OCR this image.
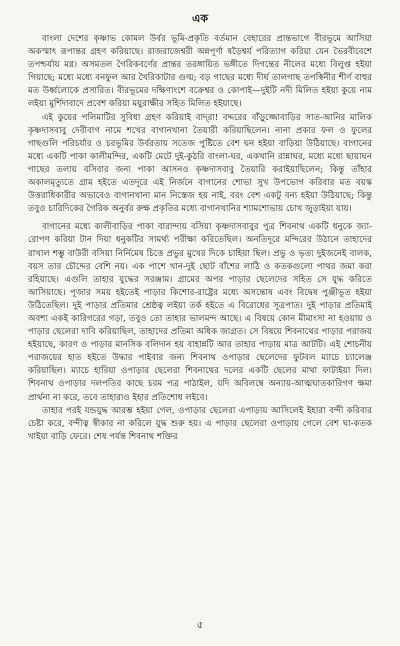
এক

বাংলা দেশের কৃষ্ণাভ কোমল উর্বর ভূমি-প্রকৃতি বর্তমান বেহারের প্রান্তভাগে বীরভূমে আসিয়া অকস্মাৎ রূপান্তর গ্রহণ করিয়াছে। রাজরাজেশ্বরী অন্নপূর্ণা ষড়ৈশ্বর্য পরিত্যাগ করিয়া যেন ভৈরবীবেশে তপশ্চর্যায় মগ্ন। অসমতল গৈরিকবর্ণের প্রান্তর তরঙ্গায়িত ভঙ্গীতে দিগন্তের নীলের মধ্যে বিলুপ্ত হইয়া গিয়াছে; মধ্যে মধ্যে বনফুল আর খৈরিকাটার গুল্ম; বড় গাছের মধ্যে দীর্ঘ তালগাছ তপস্বিনীর শীর্ণ বাহুর মত উর্ধ্বলোকে প্রসারিত। বীরভূমের দক্ষিণাংশে বক্রেশ্বর ও কোপাই—দুইটি নদী মিলিত হইয়া কুয়ে নাম লইয়া মুর্শিদাবাদে প্রবেশ করিয়া ময়ুরাক্ষীর সহিত মিলিত হইয়াছে।

এই কুয়ের পলিমাটির সুবিধা গ্রহণ করিয়াই বাদ্‌রা! বদ্দরের বাঁড়ুজ্জোবাড়ির সাত-আনির মালিক কৃষ্ণদাসবাবু দেবীবাগ নামে শখের বাগানখানা তৈয়ারী করিয়াছিলেন। নানা প্রকার ফল ও ফুলের গাছগুলি পরিচর্যার ও চরভূমির উর্বরতায় সতেজ পুষ্টিতে বেশ ঘন হইয়া বাড়িয়া উঠিয়াছে। বাগানের মধ্যে একটি পাকা কালীমন্দির, একটি মেটে দুই-কুঠরি বাংলা-ঘর, একখানি রান্নাঘর, মধ্যে মধ্যে ছায়াঘন গাছের তলায় বসিবার জন্য পাকা আসনও কৃষ্ণদাসবাবু তৈয়ারি করাইয়াছিলেন; কিন্তু তাঁহার অকালমৃত্যুতে গ্রাম হইতে এতদূরে এই নির্জনে বাগানের শোভা সুখ উপভোগ করিবার মত বয়স্ক উত্তরাধিকারীর অভাবেও বাগানখানা মান নিস্তেজ হয় নাই, বরং বেশ একটু বন্য হইয়া উঠিয়াছে; কিন্তু তবুও চারিদিকের গৈরিক অনুর্বর রুক্ষ প্রকৃতির মধ্যে বাগানখানির শ্যামশোভায় চোখ জুড়াইয়া যায়।

বাগানের মধ্যে কালীবাড়ির পাকা বারান্দায় বসিয়া কৃষ্ণদাসবাবুর পুত্র শিবনাথ একটি ধনুকে জ্যা-রোপণ করিয়া টান দিয়া ধনুকটির সামর্থ্য পরীক্ষা করিতেছিল। অনতিদূরে মন্দিরের উঠানে তাহাদের রাখাল শম্ভু বাউরী বসিয়া নির্নিমেষ চিত্তে প্রভুর মুখের দিকে চাহিয়া ছিল। প্রভু ও ভৃত্য দুইজনেই বালক, বয়স তার চৌদ্দের বেশি নয়। এক পাশে খান-দুই ছোট বাঁশের লাঠি ও কতকগুলো পাথর জমা করা রহিয়াছে। এগুলি তাহার যুদ্ধের সরঞ্জাম। গ্রামের অপর পাড়ার ছেলেদের সহিত সে যুদ্ধ করিতে আসিয়াছে। পূজার সময় হইতেই পাড়ার কিশোর-রাষ্ট্রের মধ্যে অসন্তোষ এবং বিদ্বেষ পুঞ্জীভূত হইয়া উঠিতেছিল। দুই পাড়ার প্রতিমার শ্রেষ্ঠত্ব লইয়া তর্ক হইতে এ বিরোধের সূত্রপাত। দুই পাড়ার প্রতিমাই অবশ্য একই কারিগরের গড়া, তবুও তো তাহার ভালমন্দ আছে। এ বিষয়ে কোন মীমাংসা না হওয়ায় ও পাড়ার ছেলেরা দাবি করিয়াছিল, তাহাদের প্রতিমা অধিক জাগ্রত। সে বিষয়ে শিবনাথের পাড়ার পরাজয় হইয়াছে, কারণ ও পাড়ার মানসিক বলিদান হয় বাহান্নটি আর তাহার পাড়ায় মাত্র আটটি। এই শোচনীয় পরাজয়ের হাত হইতে উদ্ধার পাইবার জন্য শিবনাথ ওপাড়ার ছেলেদের ফুটবল ম্যাচে চ্যালেঞ্জ করিয়াছিল। ম্যাচে হারিয়া ওপাড়ার ছেলেরা শিবনাথের দলের একটি ছেলের মাথা ফাটাইয়া দিল। শিবনাথ ওপাড়ার দলপতির কাছে চরম পত্র পাঠাইল, যদি অবিলম্বে অন্যায়-আত্মঘাতকারিগণ ক্ষমা প্রার্থনা না করে, তবে তাহারাও ইহার প্রতিশোধ লইবে।

তাহার পরই যন্ডযুদ্ধ আরম্ভ হইয়া গেল, ওপাড়ার ছেলেরা এপাড়ায় আসিলেই ইহারা বন্দী করিবার চেষ্টা করে, বন্দীত্ব স্বীকার না করিলে যুদ্ধ শুরু হয়। এ পাড়ার ছেলেরা ওপাড়ায় গেলে বেশ ঘা-কতক খাইয়া বাড়ি ফেরে। শেষ পর্যন্ত শিবনাথ শক্তির

৫
